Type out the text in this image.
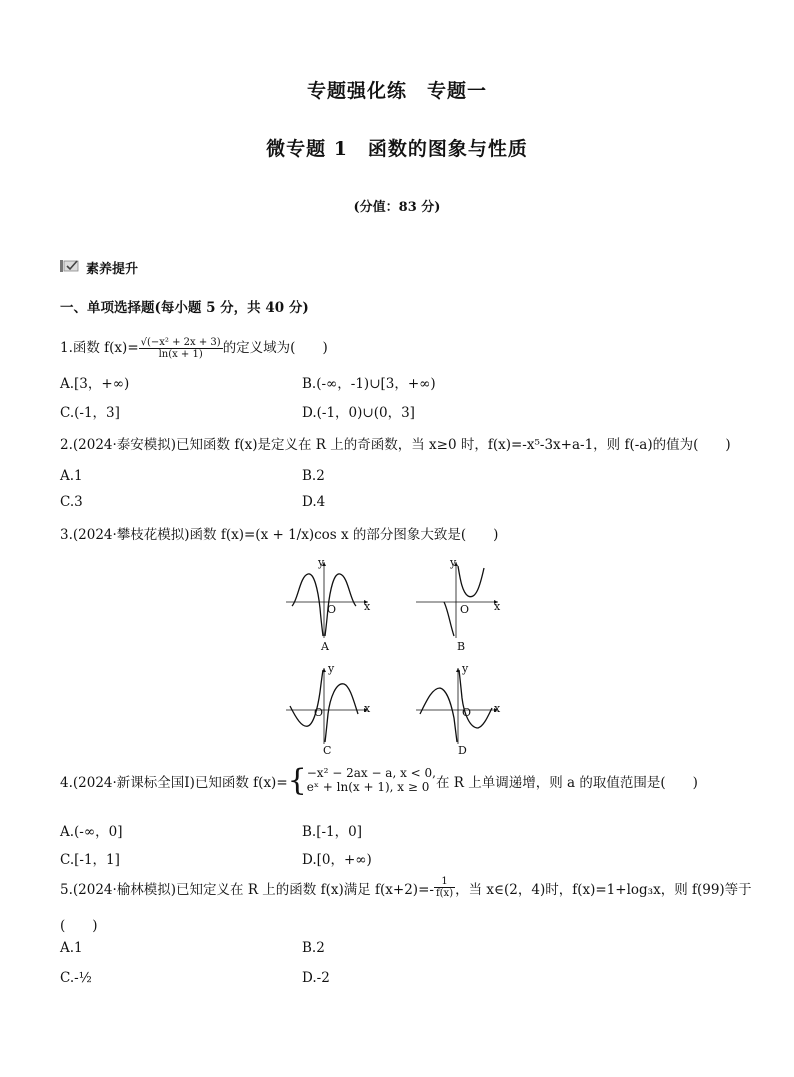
专题强化练　专题一
微专题 1　函数的图象与性质
(分值：83 分)
素养提升
一、单项选择题(每小题 5 分，共 40 分)
1.函数 $f(x)= \frac{\text{√(−x² + 2x + 3)}}{\ln(x + 1)}$ 的定义域为(　　)
A.[3，+∞)	B.(-∞，-1)∪[3，+∞)
C.(-1，3]	D.(-1，0)∪(0，3]
2.(2024·泰安模拟)已知函数 f(x)是定义在 R 上的奇函数，当 x≥0 时，f(x)=-x⁵-3x+a-1，则 f(-a)的值为(　　)
A.1	B.2
C.3	D.4
3.(2024·攀枝花模拟)函数 f(x)=(x + 1/x)cos x 的部分图象大致是(　　)
y
x
O
A
y
x
O
B
y
x
O
C
y
x
O
D
4.(2024·新课标全国Ⅰ)已知函数 f(x)= { −x² − 2ax − a, x < 0,
eˣ + ln(x + 1), x ≥ 0 在 R 上单调递增，则 a 的取值范围是(　　)
A.(-∞，0]	B.[-1，0]
C.[-1，1]	D.[0，+∞)
5.(2024·榆林模拟)已知定义在 R 上的函数 f(x)满足 $f(x+2)=- \frac{1}{f(x)}$ ，当 x∈(2，4)时，f(x)=1+log₃x，则 f(99)等于
(　　)
A.1	B.2
C.-½	D.-2
